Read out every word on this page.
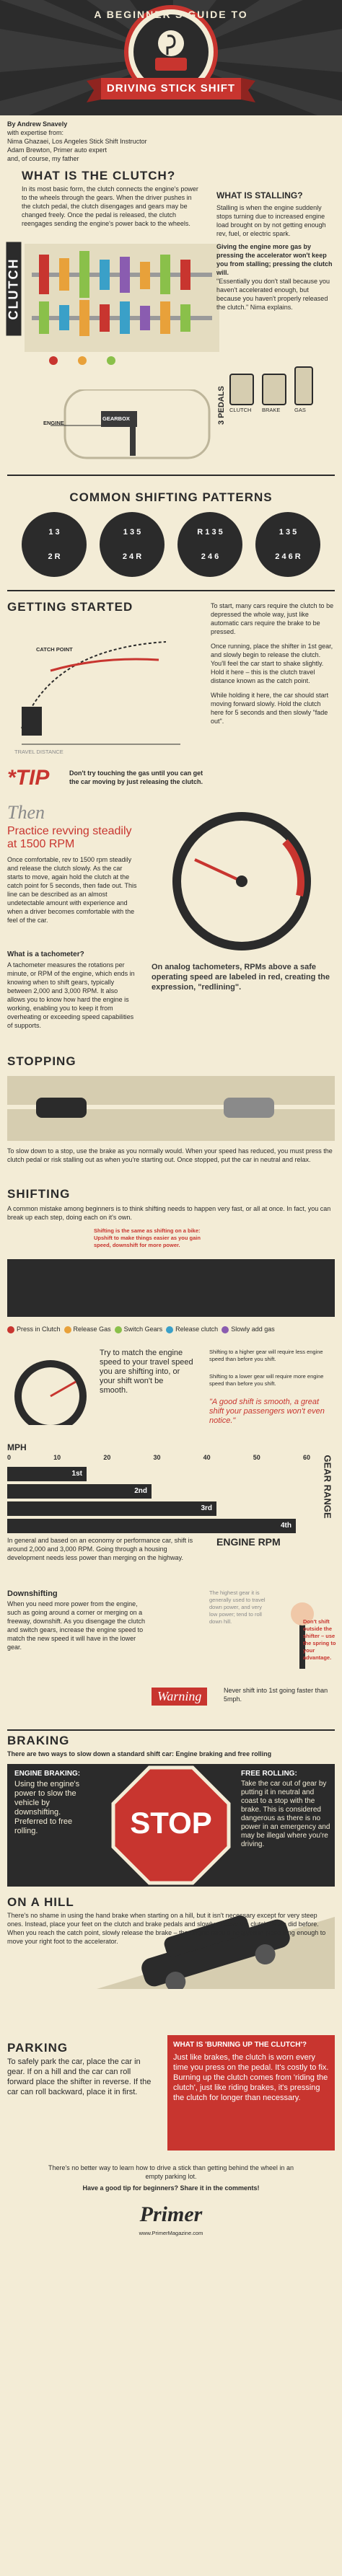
A BEGINNER'S GUIDE TO
DRIVING STICK SHIFT
By Andrew Snavely
with expertise from:
Nima Ghazaei, Los Angeles Stick Shift Instructor
Adam Brewton, Primer auto expert
and, of course, my father
WHAT IS THE CLUTCH?
In its most basic form, the clutch connects the engine's power to the wheels through the gears. When the driver pushes in the clutch pedal, the clutch disengages and gears may be changed freely. Once the pedal is released, the clutch reengages sending the engine's power back to the wheels.
CLUTCH
3 PEDALS CLUTCH BRAKE	GAS
ENGINE
GEARBOX
WHAT IS STALLING?
Stalling is when the engine suddenly stops turning due to increased engine load brought on by not getting enough rev, fuel, or electric spark.
Giving the engine more gas by pressing the accelerator won't keep you from stalling; pressing the clutch will.
"Essentially you don't stall because you haven't accelerated enough, but because you haven't properly released the clutch." Nima explains.
COMMON SHIFTING PATTERNS
1 3
2 R
1 3 5
2 4 R
R 1 3 5
2 4 6
1 3 5
2 4 6 R
GETTING STARTED
CATCH POINT
TRAVEL DISTANCE
To start, many cars require the clutch to be depressed the whole way, just like automatic cars require the brake to be pressed.
Once running, place the shifter in 1st gear, and slowly begin to release the clutch. You'll feel the car start to shake slightly. Hold it here – this is the clutch travel distance known as the catch point.
While holding it here, the car should start moving forward slowly. Hold the clutch here for 5 seconds and then slowly "fade out".
*TIP	Don't try touching the gas until you can get the car moving by just releasing the clutch.
Then
Practice revving steadily at 1500 RPM
Once comfortable, rev to 1500 rpm steadily and release the clutch slowly. As the car starts to move, again hold the clutch at the catch point for 5 seconds, then fade out. This line can be described as an almost undetectable amount with experience and when a driver becomes comfortable with the feel of the car.
What is a tachometer?
A tachometer measures the rotations per minute, or RPM of the engine, which ends in knowing when to shift gears, typically between 2,000 and 3,000 RPM. It also allows you to know how hard the engine is working, enabling you to keep it from overheating or exceeding speed capabilities of supports.
On analog tachometers, RPMs above a safe operating speed are labeled in red, creating the expression, "redlining".
STOPPING
To slow down to a stop, use the brake as you normally would. When your speed has reduced, you must press the clutch pedal or risk stalling out as when you're starting out. Once stopped, put the car in neutral and relax.
SHIFTING
A common mistake among beginners is to think shifting needs to happen very fast, or all at once. In fact, you can break up each step, doing each on it's own.
Shifting is the same as shifting on a bike: Upshift to make things easier as you gain speed, downshift for more power.
Press in Clutch Release Gas Switch Gears Release clutch Slowly add gas
Try to match the engine speed to your travel speed you are shifting into, or your shift won't be smooth.
Shifting to a higher gear will require less engine speed than before you shift.
Shifting to a lower gear will require more engine speed than before you shift.
"A good shift is smooth, a great shift your passengers won't even notice."
MPH
0	10	20	30	40	50	60
1st
2nd
3rd
4th
GEAR RANGE
ENGINE RPM
In general and based on an economy or performance car, shift is around 2,000 and 3,000 RPM. Going through a housing development needs less power than merging on the highway.
Downshifting
When you need more power from the engine, such as going around a corner or merging on a freeway, downshift. As you disengage the clutch and switch gears, increase the engine speed to match the new speed it will have in the lower gear.
The highest gear it is generally used to travel down power, and very low power; tend to roll down hill.	Don't shift outside the shifter – use the spring to your advantage.
Warning	Never shift into 1st going faster than 5mph.
BRAKING
There are two ways to slow down a standard shift car: Engine braking and free rolling
ENGINE BRAKING:
Using the engine's power to slow the vehicle by downshifting. Preferred to free rolling.	STOP
FREE ROLLING:
Take the car out of gear by putting it in neutral and coast to a stop with the brake. This is considered dangerous as there is no power in an emergency and may be illegal where you're driving.
ON A HILL
There's no shame in using the hand brake when starting on a hill, but it isn't necessary except for very steep ones. Instead, place your feet on the clutch and brake pedals and slowly release the clutch as we did before. When you reach the catch point, slowly release the brake – the engine should hold you in place long enough to move your right foot to the accelerator.
PARKING
To safely park the car, place the car in gear. If on a hill and the car can roll forward place the shifter in reverse. If the car can roll backward, place it in first.
WHAT IS 'BURNING UP THE CLUTCH'?
Just like brakes, the clutch is worn every time you press on the pedal. It's costly to fix. Burning up the clutch comes from 'riding the clutch', just like riding brakes, it's pressing the clutch for longer than necessary.
There's no better way to learn how to drive a stick than getting behind the wheel in an empty parking lot.
Have a good tip for beginners? Share it in the comments!
Primer
www.PrimerMagazine.com
